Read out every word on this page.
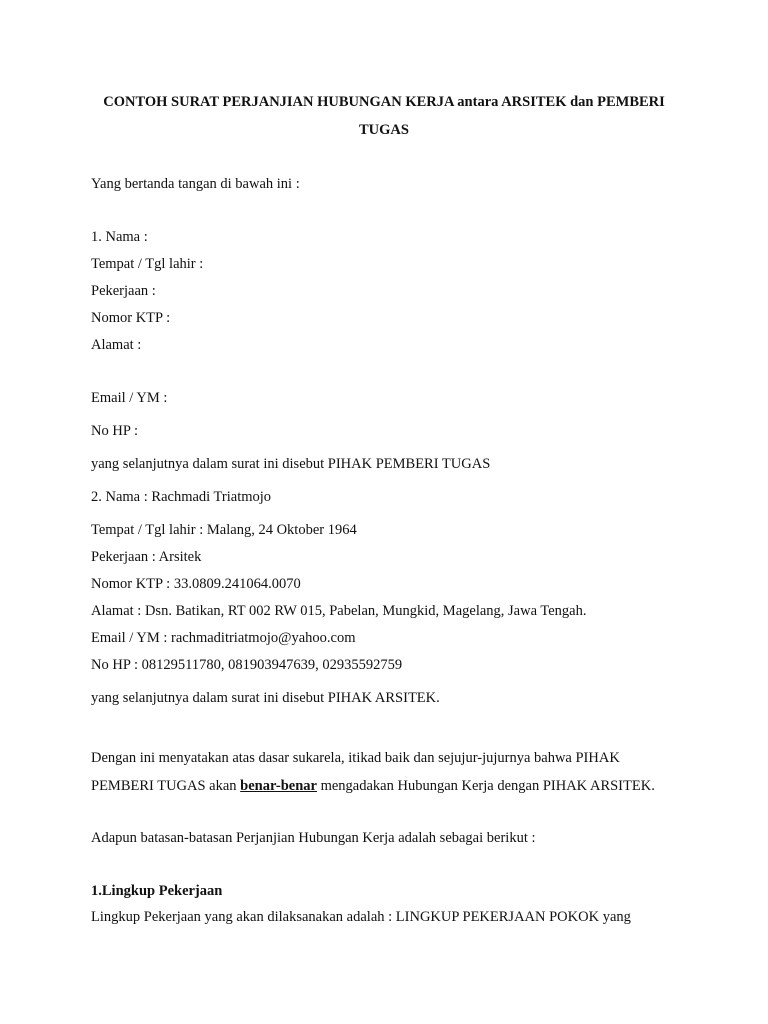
CONTOH SURAT PERJANJIAN HUBUNGAN KERJA antara ARSITEK dan PEMBERI
TUGAS
Yang bertanda tangan di bawah ini :
1. Nama :
Tempat / Tgl lahir :
Pekerjaan :
Nomor KTP :
Alamat :
Email / YM :
No HP :
yang selanjutnya dalam surat ini disebut PIHAK PEMBERI TUGAS
2. Nama : Rachmadi Triatmojo
Tempat / Tgl lahir : Malang, 24 Oktober 1964
Pekerjaan : Arsitek
Nomor KTP : 33.0809.241064.0070
Alamat : Dsn. Batikan, RT 002 RW 015, Pabelan, Mungkid, Magelang, Jawa Tengah.
Email / YM : rachmaditriatmojo@yahoo.com
No HP : 08129511780, 081903947639, 02935592759
yang selanjutnya dalam surat ini disebut PIHAK ARSITEK.
Dengan ini menyatakan atas dasar sukarela, itikad baik dan sejujur-jujurnya bahwa PIHAK
PEMBERI TUGAS akan benar-benar mengadakan Hubungan Kerja dengan PIHAK ARSITEK.
Adapun batasan-batasan Perjanjian Hubungan Kerja adalah sebagai berikut :
1.Lingkup Pekerjaan
Lingkup Pekerjaan yang akan dilaksanakan adalah : LINGKUP PEKERJAAN POKOK yang
